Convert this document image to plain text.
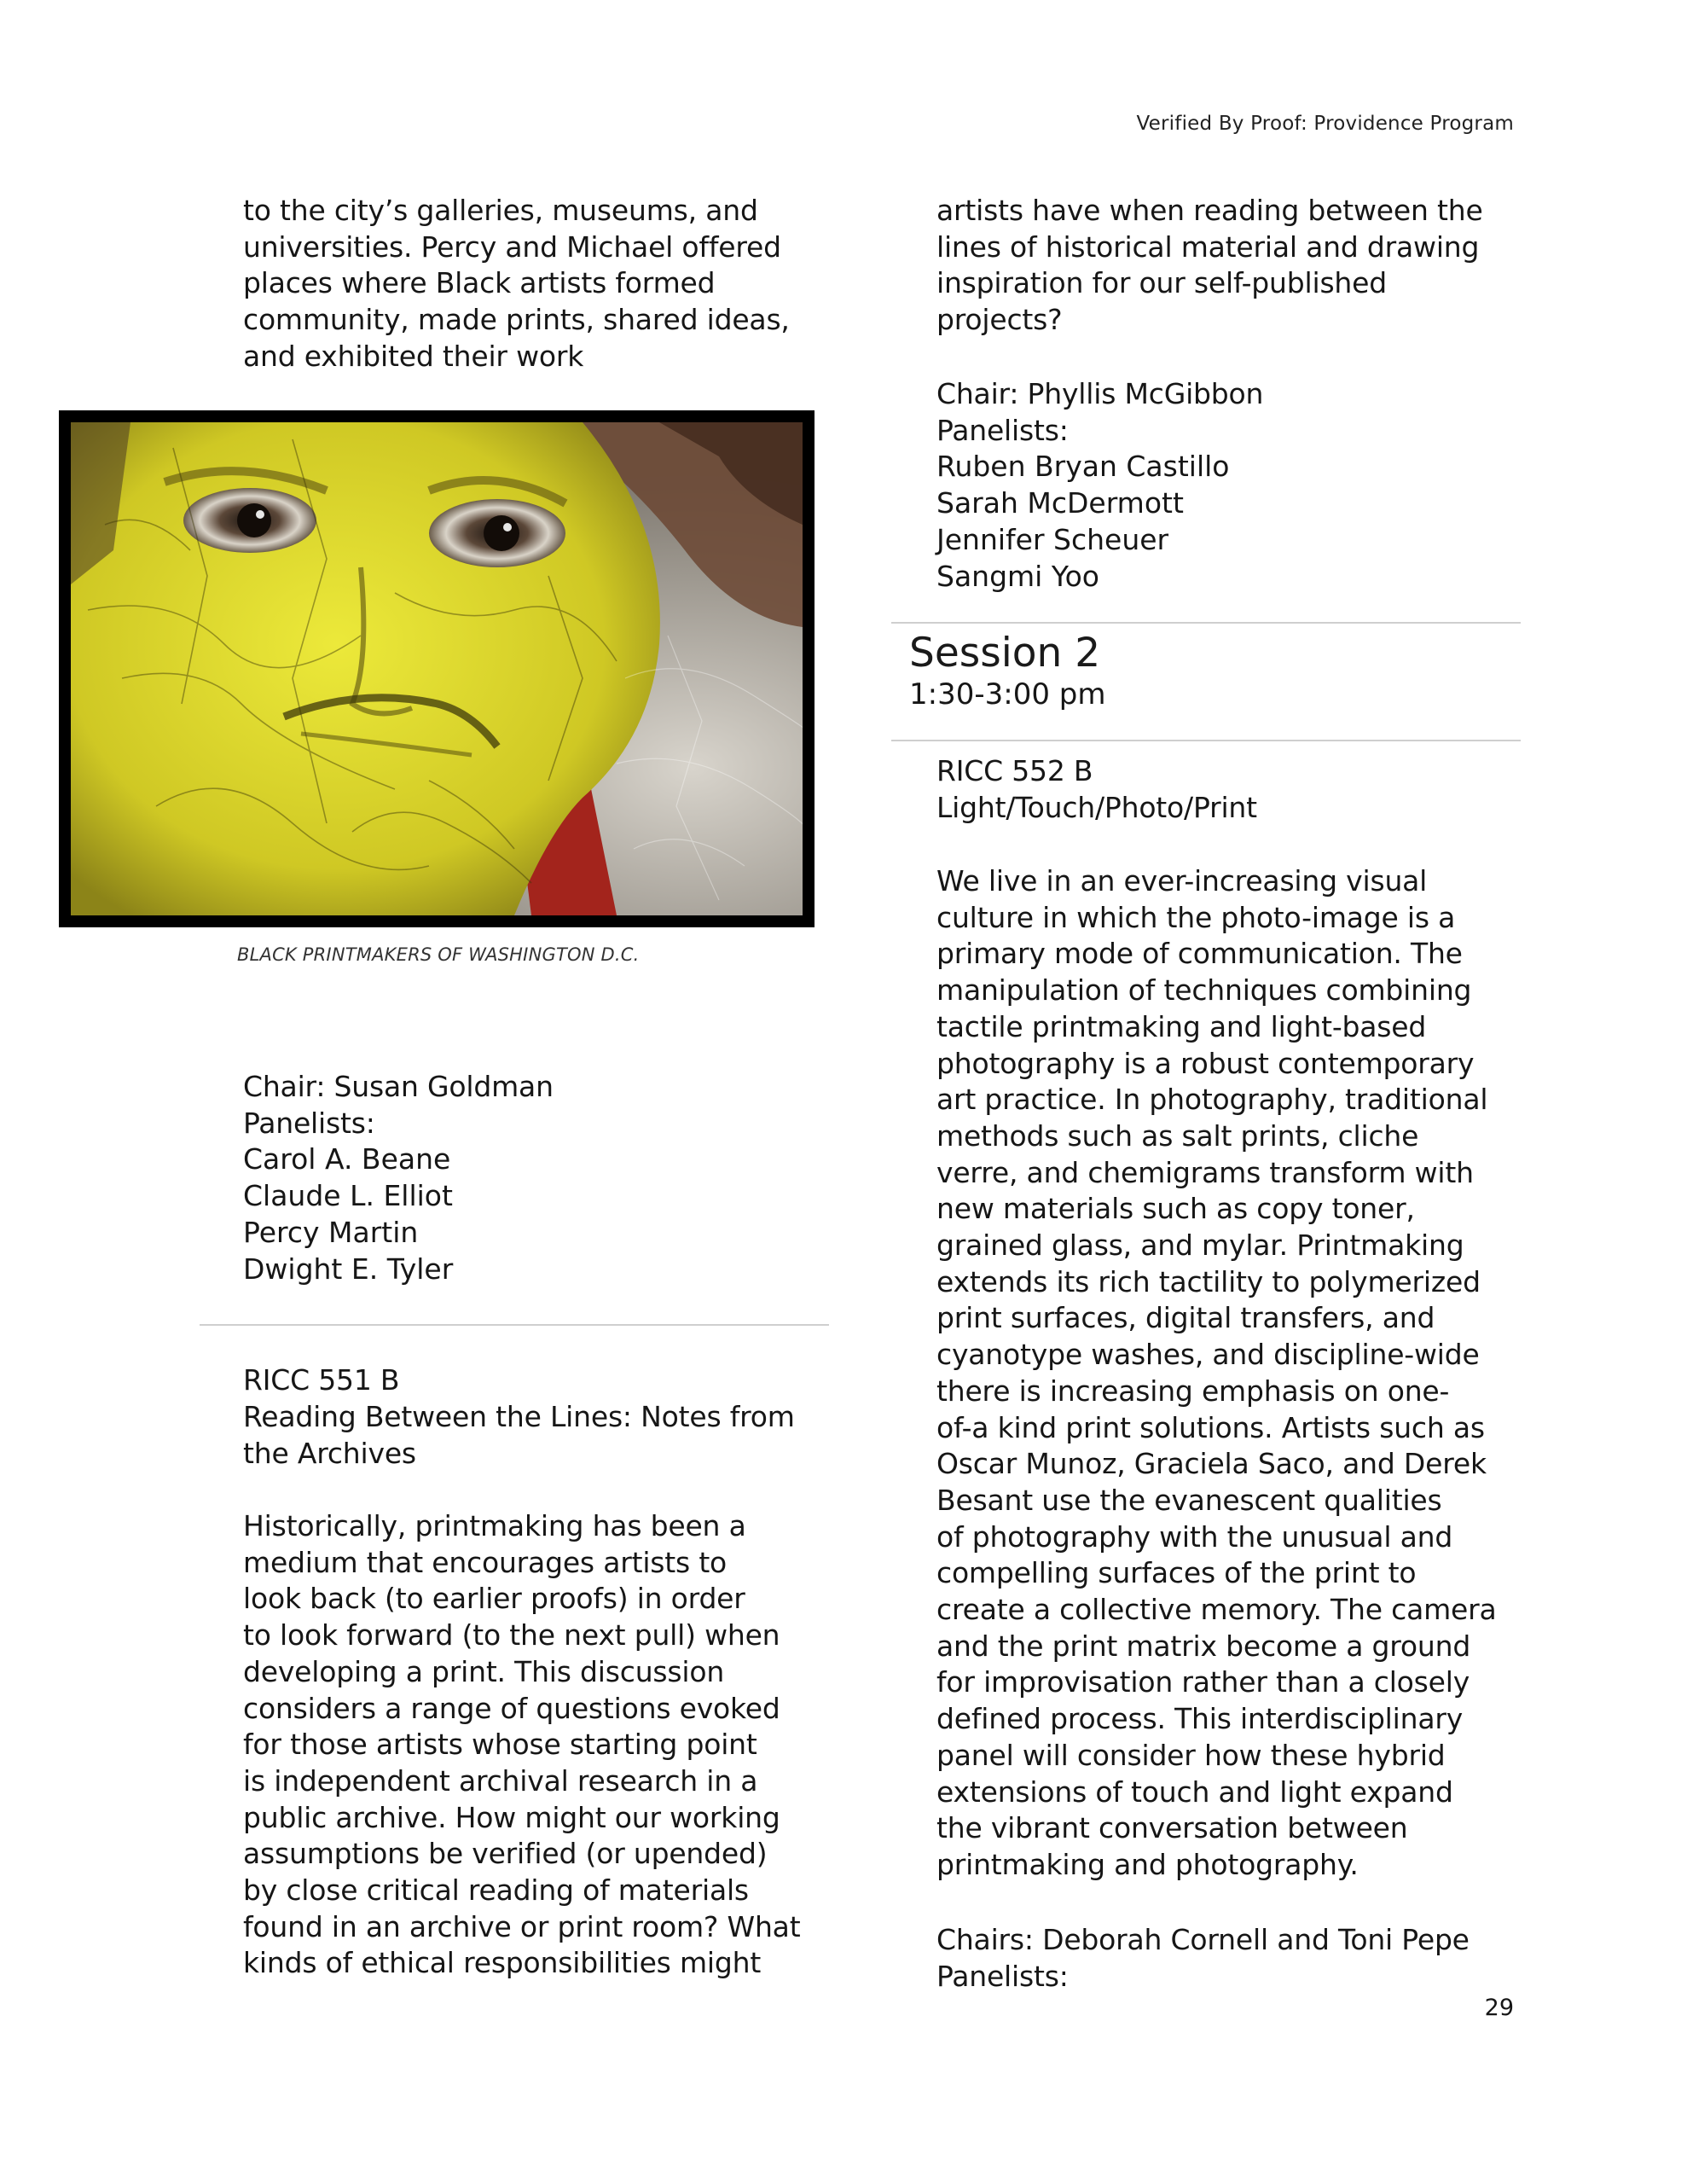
Verified By Proof: Providence Program

to the city’s galleries, museums, and
universities. Percy and Michael offered
places where Black artists formed
community, made prints, shared ideas,
and exhibited their work

BLACK PRINTMAKERS OF WASHINGTON D.C.
Chair: Susan Goldman
Panelists:
Carol A. Beane
Claude L. Elliot
Percy Martin
Dwight E. Tyler
RICC 551 B

Reading Between the Lines: Notes from
the Archives

Historically, printmaking has been a
medium that encourages artists to
look back (to earlier proofs) in order
to look forward (to the next pull) when
developing a print. This discussion
considers a range of questions evoked
for those artists whose starting point
is independent archival research in a
public archive. How might our working
assumptions be verified (or upended)
by close critical reading of materials
found in an archive or print room? What
kinds of ethical responsibilities might

artists have when reading between the
lines of historical material and drawing
inspiration for our self-published
projects?

Chair: Phyllis McGibbon
Panelists:
Ruben Bryan Castillo
Sarah McDermott
Jennifer Scheuer
Sangmi Yoo
Session 2
1:30-3:00 pm
RICC 552 B
Light/Touch/Photo/Print

We live in an ever-increasing visual
culture in which the photo-image is a
primary mode of communication. The
manipulation of techniques combining
tactile printmaking and light-based
photography is a robust contemporary
art practice. In photography, traditional
methods such as salt prints, cliche
verre, and chemigrams transform with
new materials such as copy toner,
grained glass, and mylar. Printmaking
extends its rich tactility to polymerized
print surfaces, digital transfers, and
cyanotype washes, and discipline-wide
there is increasing emphasis on one-
of-a kind print solutions. Artists such as
Oscar Munoz, Graciela Saco, and Derek
Besant use the evanescent qualities
of photography with the unusual and
compelling surfaces of the print to
create a collective memory. The camera
and the print matrix become a ground
for improvisation rather than a closely
defined process. This interdisciplinary
panel will consider how these hybrid
extensions of touch and light expand
the vibrant conversation between
printmaking and photography.

Chairs: Deborah Cornell and Toni Pepe
Panelists:
29
